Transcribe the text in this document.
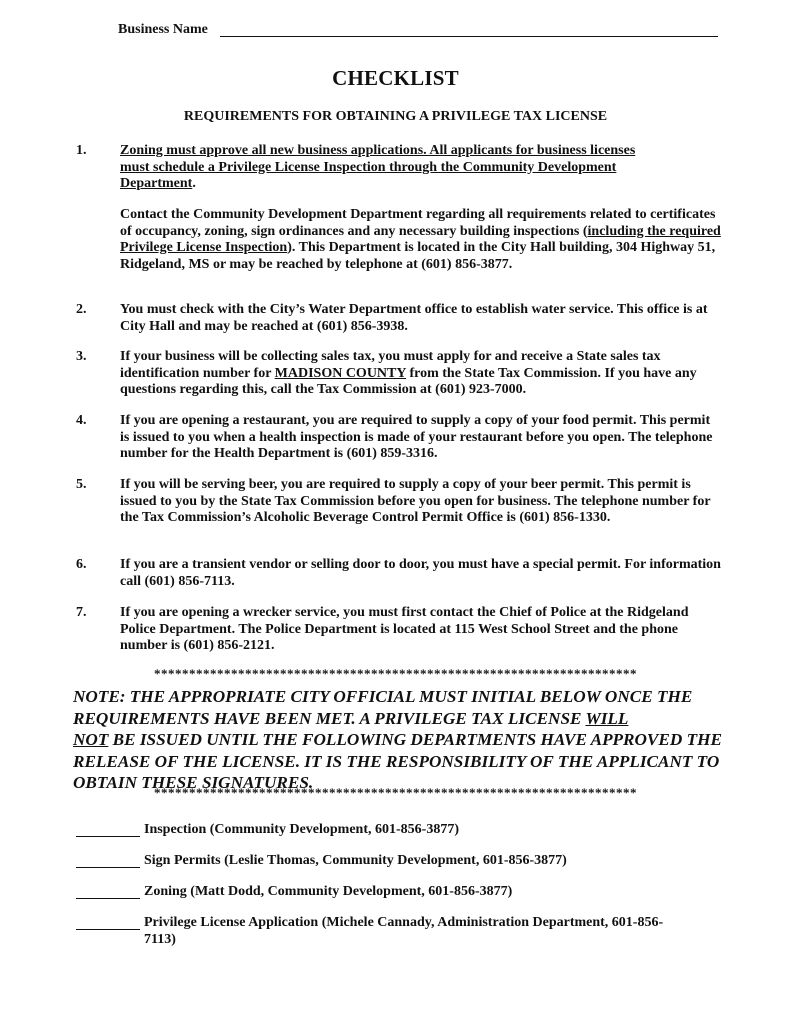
Business Name
CHECKLIST
REQUIREMENTS FOR OBTAINING A PRIVILEGE TAX LICENSE
1. Zoning must approve all new business applications. All applicants for business licenses
must schedule a Privilege License Inspection through the Community Development
Department.
Contact the Community Development Department regarding all requirements related to certificates of occupancy, zoning, sign ordinances and any necessary building inspections (including the required Privilege License Inspection). This Department is located in the City Hall building, 304 Highway 51, Ridgeland, MS or may be reached by telephone at (601) 856-3877.
2. You must check with the City’s Water Department office to establish water service. This office is at City Hall and may be reached at (601) 856-3938.
3. If your business will be collecting sales tax, you must apply for and receive a State sales tax identification number for MADISON COUNTY from the State Tax Commission. If you have any questions regarding this, call the Tax Commission at (601) 923-7000.
4. If you are opening a restaurant, you are required to supply a copy of your food permit. This permit is issued to you when a health inspection is made of your restaurant before you open. The telephone number for the Health Department is (601) 859-3316.
5. If you will be serving beer, you are required to supply a copy of your beer permit. This permit is issued to you by the State Tax Commission before you open for business. The telephone number for the Tax Commission’s Alcoholic Beverage Control Permit Office is (601) 856-1330.
6. If you are a transient vendor or selling door to door, you must have a special permit. For information call (601) 856-7113.
7. If you are opening a wrecker service, you must first contact the Chief of Police at the Ridgeland Police Department. The Police Department is located at 115 West School Street and the phone number is (601) 856-2121.
*********************************************************************
NOTE: THE APPROPRIATE CITY OFFICIAL MUST INITIAL BELOW ONCE THE REQUIREMENTS HAVE BEEN MET. A PRIVILEGE TAX LICENSE WILL
NOT BE ISSUED UNTIL THE FOLLOWING DEPARTMENTS HAVE APPROVED THE RELEASE OF THE LICENSE. IT IS THE RESPONSIBILITY OF THE APPLICANT TO OBTAIN THESE SIGNATURES.
*********************************************************************
Inspection (Community Development, 601-856-3877)
Sign Permits (Leslie Thomas, Community Development, 601-856-3877)
Zoning (Matt Dodd, Community Development, 601-856-3877)
Privilege License Application (Michele Cannady, Administration Department, 601-856-7113)
